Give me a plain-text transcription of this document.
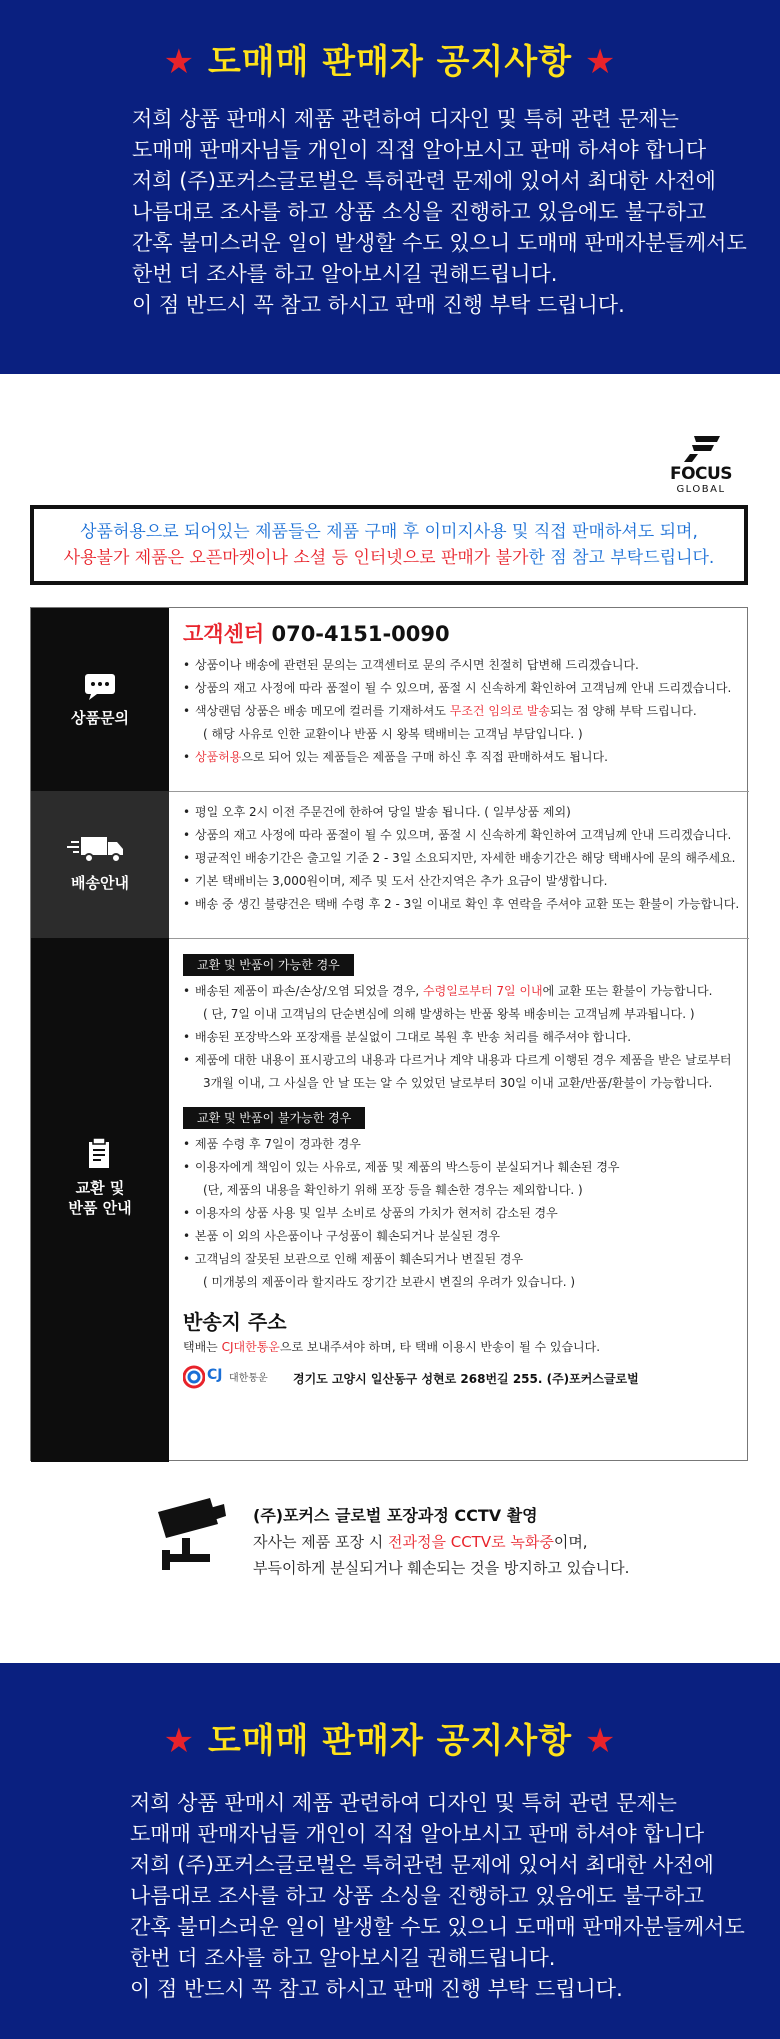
★ 도매매 판매자 공지사항 ★
저희 상품 판매시 제품 관련하여 디자인 및 특허 관련 문제는
도매매 판매자님들 개인이 직접 알아보시고 판매 하셔야 합니다
저희 (주)포커스글로벌은 특허관련 문제에 있어서 최대한 사전에
나름대로 조사를 하고 상품 소싱을 진행하고 있음에도 불구하고
간혹 불미스러운 일이 발생할 수도 있으니 도매매 판매자분들께서도
한번 더 조사를 하고 알아보시길 권해드립니다.
이 점 반드시 꼭 참고 하시고 판매 진행 부탁 드립니다.
FOCUS
GLOBAL
상품허용으로 되어있는 제품들은 제품 구매 후 이미지사용 및 직접 판매하셔도 되며,
사용불가 제품은 오픈마켓이나 소셜 등 인터넷으로 판매가 불가한 점 참고 부탁드립니다.
상품문의
배송안내
교환 및
반품 안내
고객센터 070-4151-0090
• 상품이나 배송에 관련된 문의는 고객센터로 문의 주시면 친절히 답변해 드리겠습니다.
• 상품의 재고 사정에 따라 품절이 될 수 있으며, 품절 시 신속하게 확인하여 고객님께 안내 드리겠습니다.
• 색상랜덤 상품은 배송 메모에 컬러를 기재하셔도 무조건 임의로 발송되는 점 양해 부탁 드립니다.
( 해당 사유로 인한 교환이나 반품 시 왕복 택배비는 고객님 부담입니다. )
• 상품허용으로 되어 있는 제품들은 제품을 구매 하신 후 직접 판매하셔도 됩니다.
• 평일 오후 2시 이전 주문건에 한하여 당일 발송 됩니다. ( 일부상품 제외)
• 상품의 재고 사정에 따라 품절이 될 수 있으며, 품절 시 신속하게 확인하여 고객님께 안내 드리겠습니다.
• 평균적인 배송기간은 출고일 기준 2 - 3일 소요되지만, 자세한 배송기간은 해당 택배사에 문의 해주세요.
• 기본 택배비는 3,000원이며, 제주 및 도서 산간지역은 추가 요금이 발생합니다.
• 배송 중 생긴 불량건은 택배 수령 후 2 - 3일 이내로 확인 후 연락을 주셔야 교환 또는 환불이 가능합니다.
교환 및 반품이 가능한 경우
• 배송된 제품이 파손/손상/오염 되었을 경우, 수령일로부터 7일 이내에 교환 또는 환불이 가능합니다.
( 단, 7일 이내 고객님의 단순변심에 의해 발생하는 반품 왕복 배송비는 고객님께 부과됩니다. )
• 배송된 포장박스와 포장재를 분실없이 그대로 복원 후 반송 처리를 해주셔야 합니다.
• 제품에 대한 내용이 표시광고의 내용과 다르거나 계약 내용과 다르게 이행된 경우 제품을 받은 날로부터
3개월 이내, 그 사실을 안 날 또는 알 수 있었던 날로부터 30일 이내 교환/반품/환불이 가능합니다.
교환 및 반품이 불가능한 경우
• 제품 수령 후 7일이 경과한 경우
• 이용자에게 책임이 있는 사유로, 제품 및 제품의 박스등이 분실되거나 훼손된 경우
(단, 제품의 내용을 확인하기 위해 포장 등을 훼손한 경우는 제외합니다. )
• 이용자의 상품 사용 및 일부 소비로 상품의 가치가 현저히 감소된 경우
• 본품 이 외의 사은품이나 구성품이 훼손되거나 분실된 경우
• 고객님의 잘못된 보관으로 인해 제품이 훼손되거나 변질된 경우
( 미개봉의 제품이라 할지라도 장기간 보관시 변질의 우려가 있습니다. )
반송지 주소
택배는 CJ대한통운으로 보내주셔야 하며, 타 택배 이용시 반송이 될 수 있습니다.
CJ 대한통운 경기도 고양시 일산동구 성현로 268번길 255. (주)포커스글로벌
(주)포커스 글로벌 포장과정 CCTV 촬영
자사는 제품 포장 시 전과정을 CCTV로 녹화중이며,
부득이하게 분실되거나 훼손되는 것을 방지하고 있습니다.
★ 도매매 판매자 공지사항 ★
저희 상품 판매시 제품 관련하여 디자인 및 특허 관련 문제는
도매매 판매자님들 개인이 직접 알아보시고 판매 하셔야 합니다
저희 (주)포커스글로벌은 특허관련 문제에 있어서 최대한 사전에
나름대로 조사를 하고 상품 소싱을 진행하고 있음에도 불구하고
간혹 불미스러운 일이 발생할 수도 있으니 도매매 판매자분들께서도
한번 더 조사를 하고 알아보시길 권해드립니다.
이 점 반드시 꼭 참고 하시고 판매 진행 부탁 드립니다.
